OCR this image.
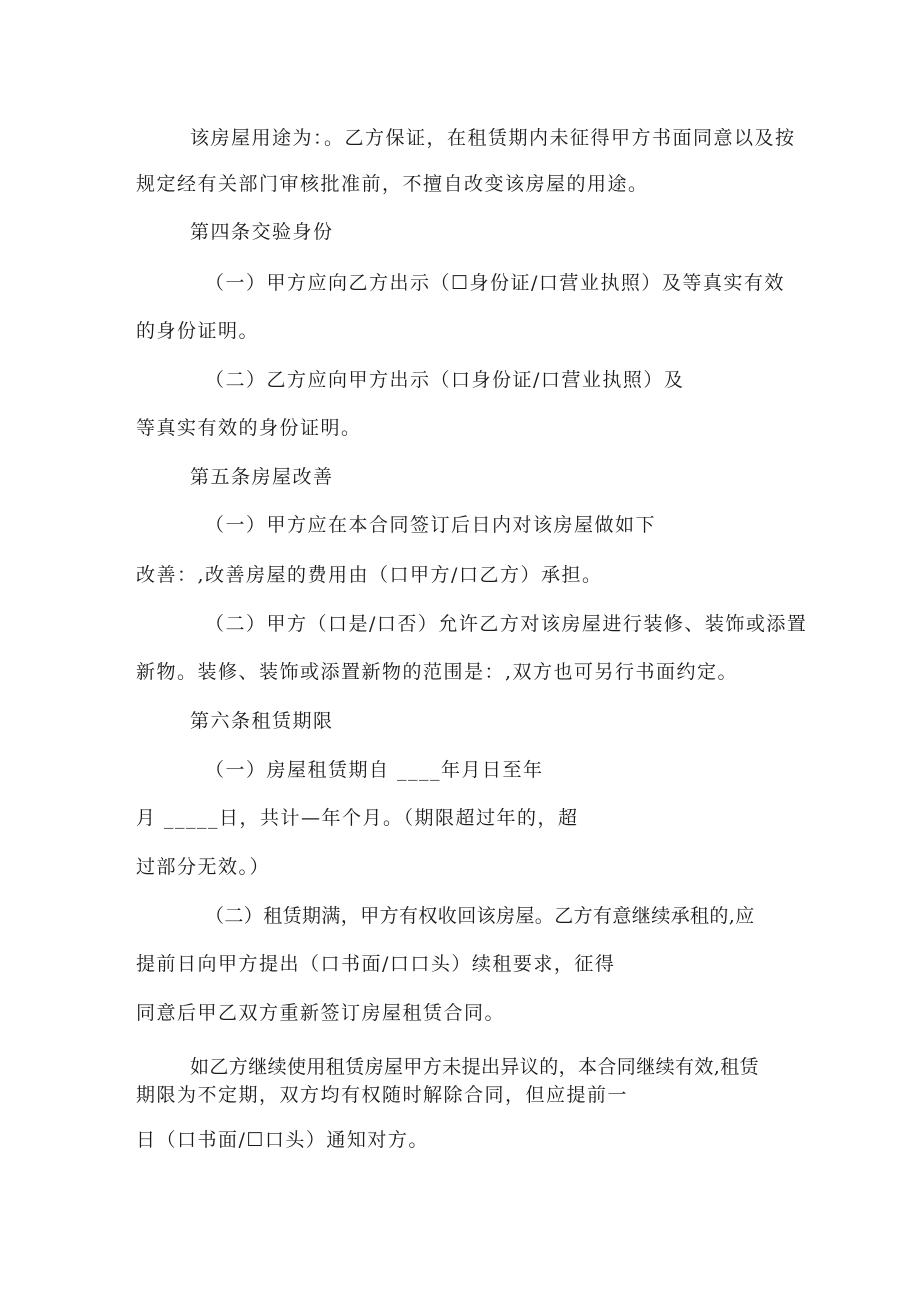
该房屋用途为：。乙方保证，在租赁期内未征得甲方书面同意以及按
规定经有关部门审核批准前，不擅自改变该房屋的用途。
第四条交验身份
（一）甲方应向乙方出示（☐身份证/口营业执照）及等真实有效
的身份证明。
（二）乙方应向甲方出示（口身份证/口营业执照）及
等真实有效的身份证明。
第五条房屋改善
（一）甲方应在本合同签订后日内对该房屋做如下
改善：,改善房屋的费用由（口甲方/口乙方）承担。
（二）甲方（口是/口否）允许乙方对该房屋进行装修、装饰或添置
新物。装修、装饰或添置新物的范围是：,双方也可另行书面约定。
第六条租赁期限
（一）房屋租赁期自 ____年月日至年
月 _____日，共计—年个月。（期限超过年的，超
过部分无效。）
（二）租赁期满，甲方有权收回该房屋。乙方有意继续承租的,应
提前日向甲方提出（口书面/口口头）续租要求，征得
同意后甲乙双方重新签订房屋租赁合同。
如乙方继续使用租赁房屋甲方未提出异议的，本合同继续有效,租赁
期限为不定期，双方均有权随时解除合同，但应提前一
日（口书面/☐口头）通知对方。
